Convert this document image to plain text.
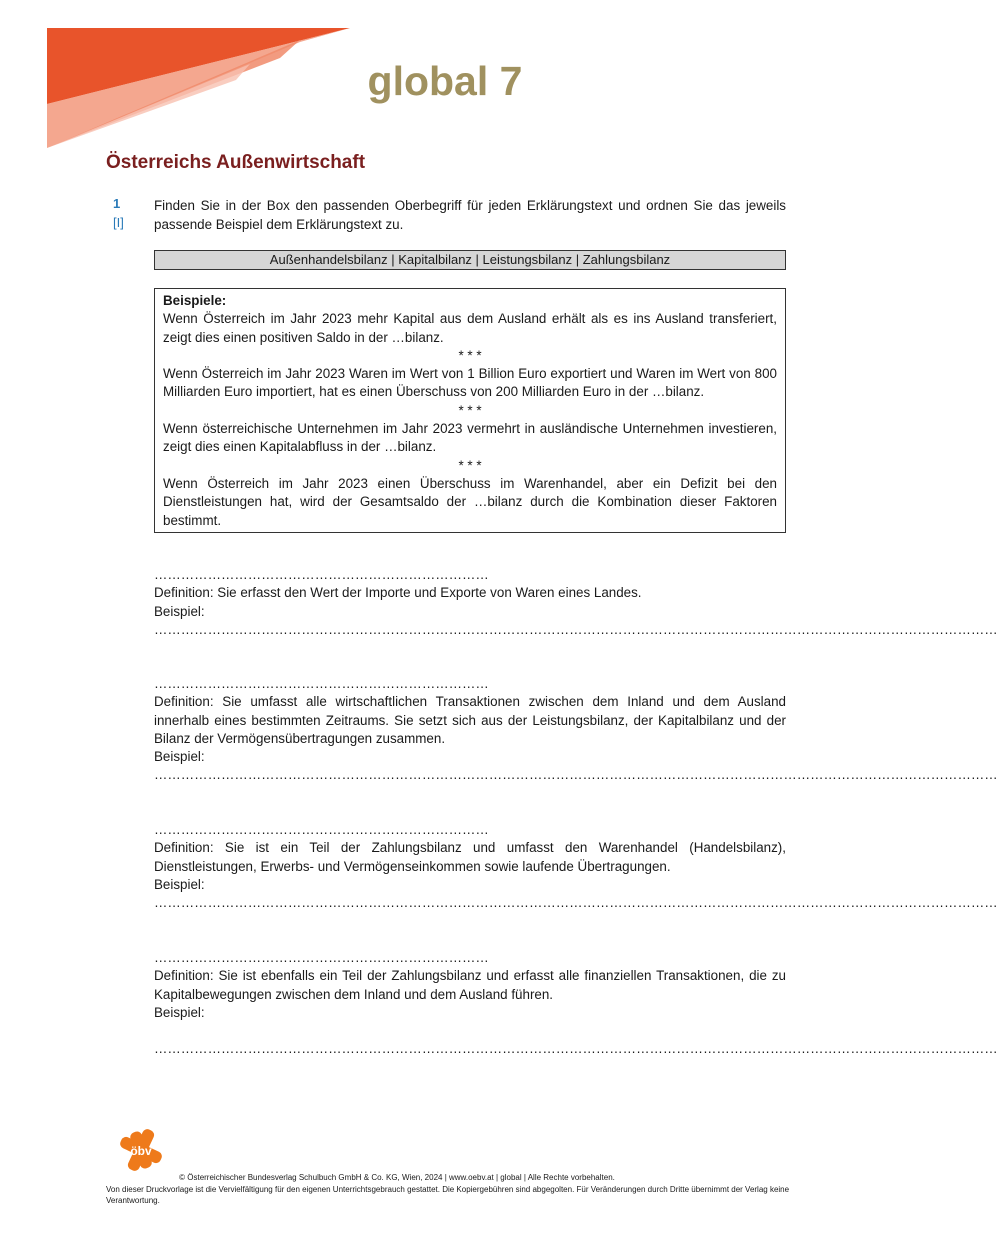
global 7
Österreichs Außenwirtschaft
1
[I]
Finden Sie in der Box den passenden Oberbegriff für jeden Erklärungstext und ordnen Sie das jeweils passende Beispiel dem Erklärungstext zu.
Außenhandelsbilanz | Kapitalbilanz | Leistungsbilanz | Zahlungsbilanz
Beispiele:
Wenn Österreich im Jahr 2023 mehr Kapital aus dem Ausland erhält als es ins Ausland transferiert, zeigt dies einen positiven Saldo in der …bilanz.
* * *
Wenn Österreich im Jahr 2023 Waren im Wert von 1 Billion Euro exportiert und Waren im Wert von 800 Milliarden Euro importiert, hat es einen Überschuss von 200 Milliarden Euro in der …bilanz.
* * *
Wenn österreichische Unternehmen im Jahr 2023 vermehrt in ausländische Unternehmen investieren, zeigt dies einen Kapitalabfluss in der …bilanz.
* * *
Wenn Österreich im Jahr 2023 einen Überschuss im Warenhandel, aber ein Defizit bei den Dienstleistungen hat, wird der Gesamtsaldo der …bilanz durch die Kombination dieser Faktoren bestimmt.
…………………………………………………………………
Definition: Sie erfasst den Wert der Importe und Exporte von Waren eines Landes.
Beispiel:
………………………………………………………………………………………………………………………………………………………………………
…………………………………………………………………
Definition: Sie umfasst alle wirtschaftlichen Transaktionen zwischen dem Inland und dem Ausland innerhalb eines bestimmten Zeitraums. Sie setzt sich aus der Leistungsbilanz, der Kapitalbilanz und der Bilanz der Vermögensübertragungen zusammen.
Beispiel:
………………………………………………………………………………………………………………………………………………………………………
…………………………………………………………………
Definition: Sie ist ein Teil der Zahlungsbilanz und umfasst den Warenhandel (Handelsbilanz), Dienstleistungen, Erwerbs- und Vermögenseinkommen sowie laufende Übertragungen.
Beispiel:
………………………………………………………………………………………………………………………………………………………………………
…………………………………………………………………
Definition: Sie ist ebenfalls ein Teil der Zahlungsbilanz und erfasst alle finanziellen Transaktionen, die zu Kapitalbewegungen zwischen dem Inland und dem Ausland führen.
Beispiel:
………………………………………………………………………………………………………………………………………………………………………
öbv
© Österreichischer Bundesverlag Schulbuch GmbH & Co. KG, Wien, 2024 | www.oebv.at | global | Alle Rechte vorbehalten.
Von dieser Druckvorlage ist die Vervielfältigung für den eigenen Unterrichtsgebrauch gestattet. Die Kopiergebühren sind abgegolten. Für Veränderungen durch Dritte übernimmt der Verlag keine Verantwortung.
